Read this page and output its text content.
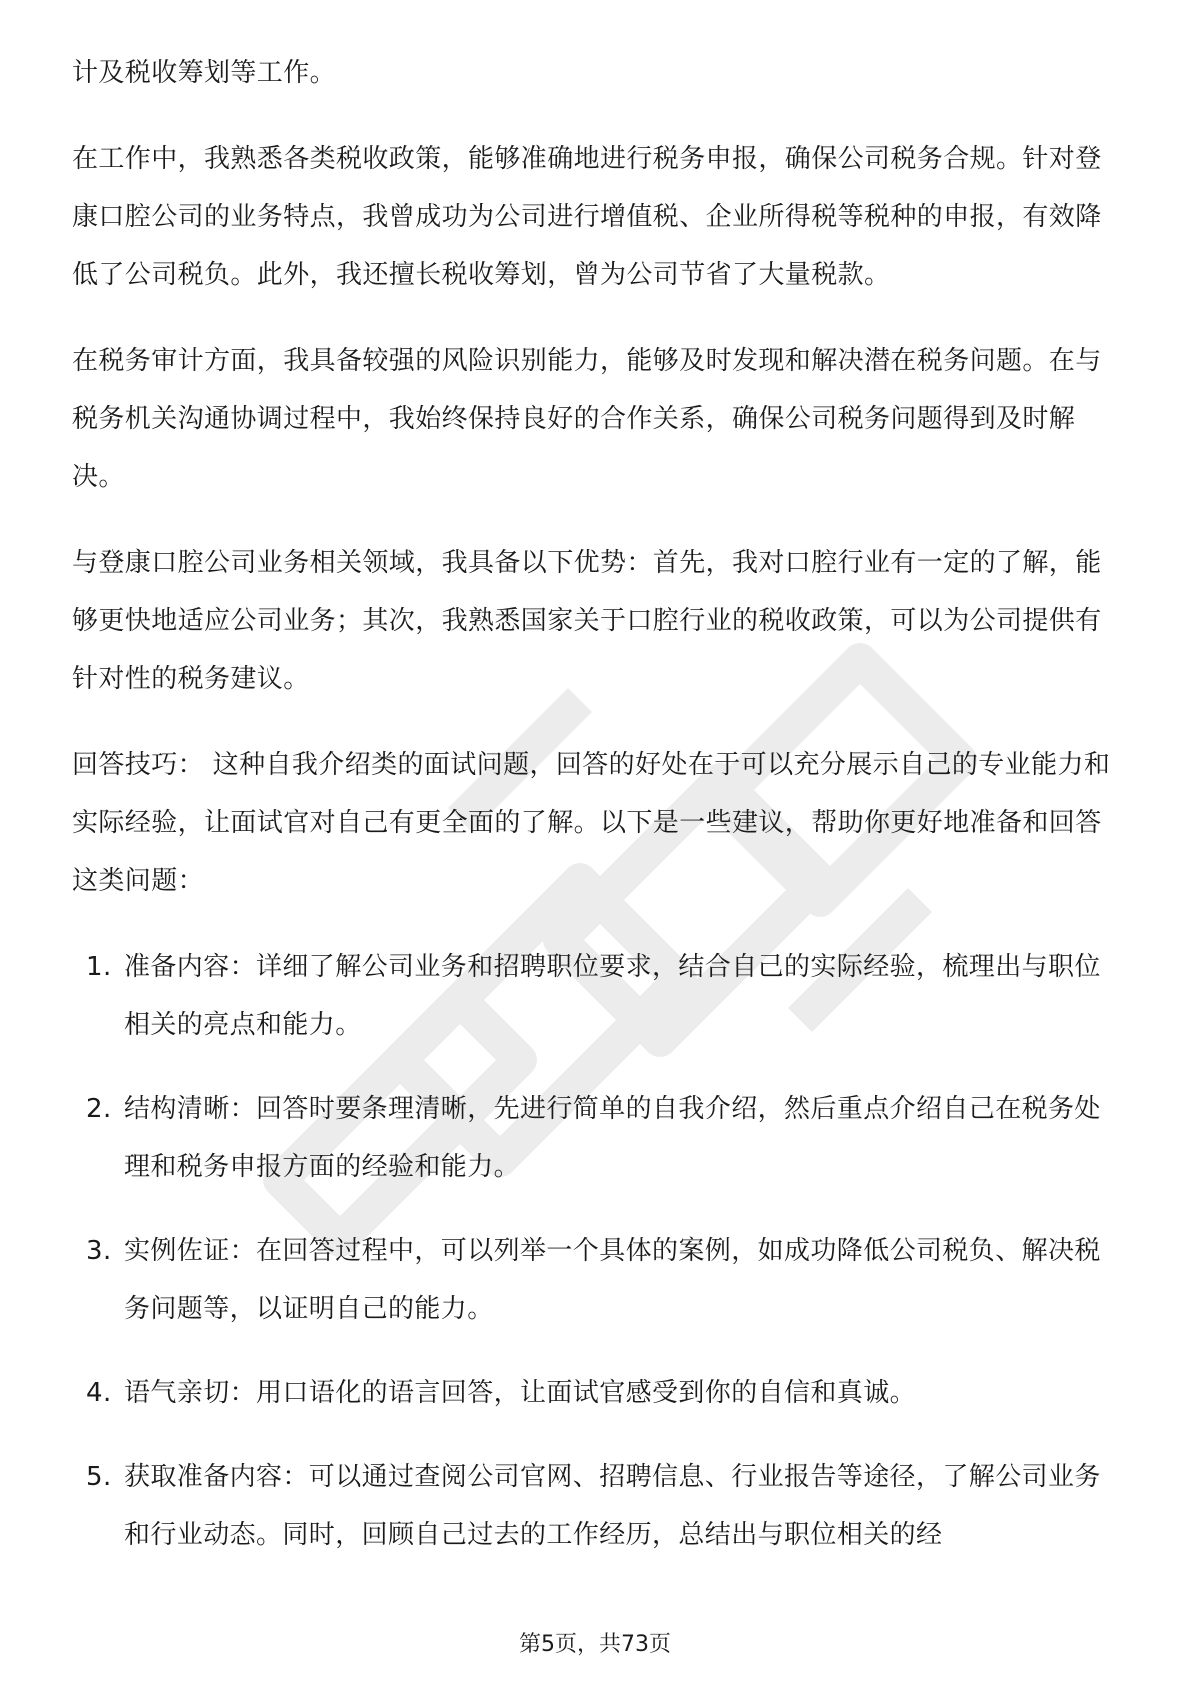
计及税收筹划等工作。

在工作中，我熟悉各类税收政策，能够准确地进行税务申报，确保公司税务合规。针对登康口腔公司的业务特点，我曾成功为公司进行增值税、企业所得税等税种的申报，有效降低了公司税负。此外，我还擅长税收筹划，曾为公司节省了大量税款。

在税务审计方面，我具备较强的风险识别能力，能够及时发现和解决潜在税务问题。在与税务机关沟通协调过程中，我始终保持良好的合作关系，确保公司税务问题得到及时解决。

与登康口腔公司业务相关领域，我具备以下优势：首先，我对口腔行业有一定的了解，能够更快地适应公司业务；其次，我熟悉国家关于口腔行业的税收政策，可以为公司提供有针对性的税务建议。

回答技巧： 这种自我介绍类的面试问题，回答的好处在于可以充分展示自己的专业能力和实际经验，让面试官对自己有更全面的了解。以下是一些建议，帮助你更好地准备和回答这类问题：

1. 准备内容：详细了解公司业务和招聘职位要求，结合自己的实际经验，梳理出与职位相关的亮点和能力。
2. 结构清晰：回答时要条理清晰，先进行简单的自我介绍，然后重点介绍自己在税务处理和税务申报方面的经验和能力。
3. 实例佐证：在回答过程中，可以列举一个具体的案例，如成功降低公司税负、解决税务问题等，以证明自己的能力。
4. 语气亲切：用口语化的语言回答，让面试官感受到你的自信和真诚。
5. 获取准备内容：可以通过查阅公司官网、招聘信息、行业报告等途径，了解公司业务和行业动态。同时，回顾自己过去的工作经历，总结出与职位相关的经
第5页，共73页
